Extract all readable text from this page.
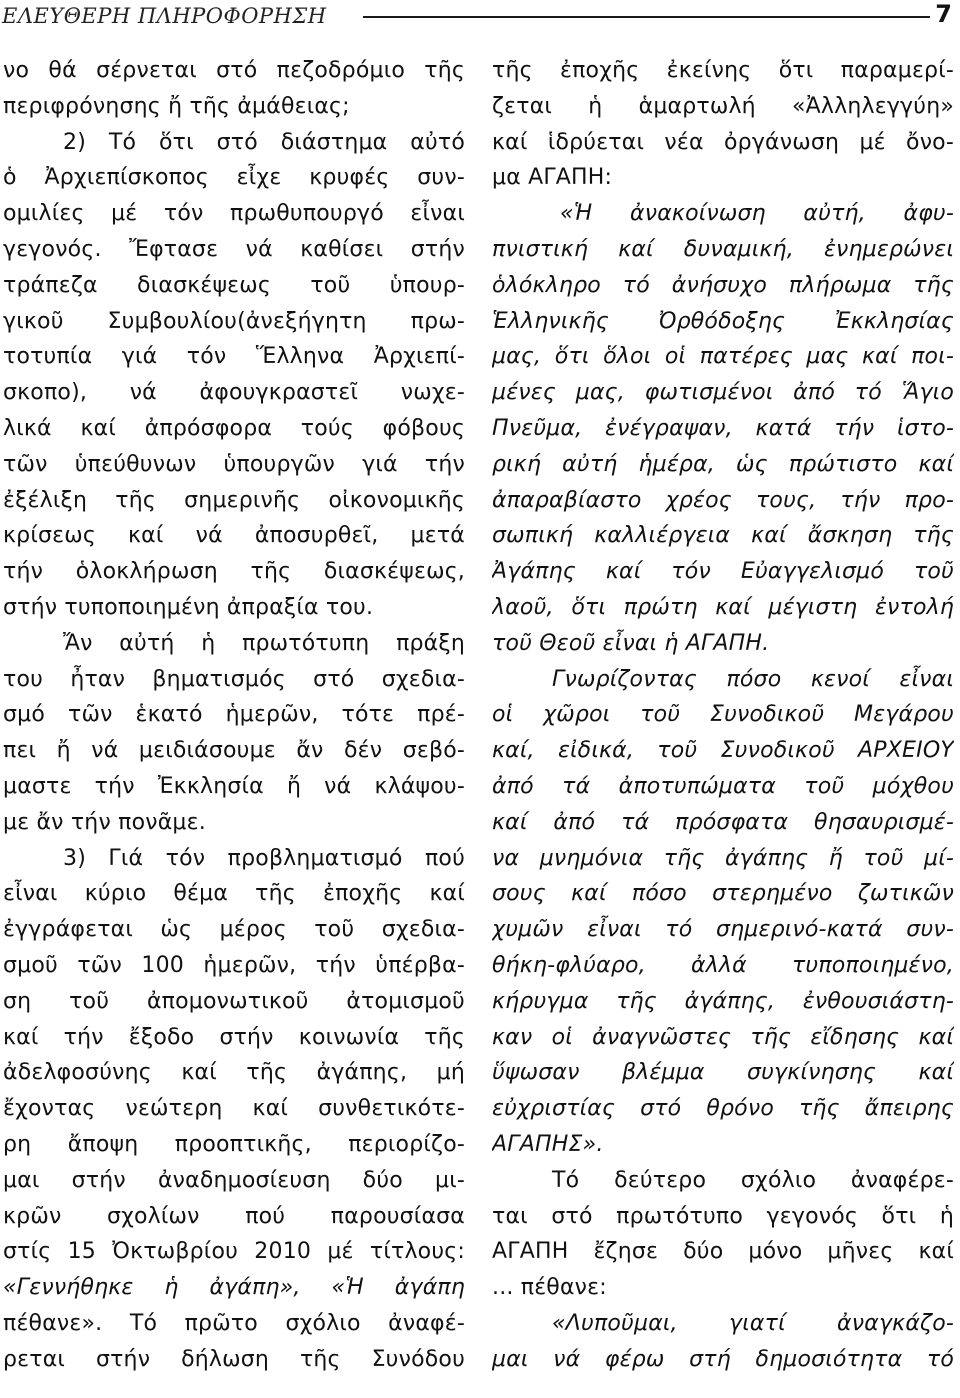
ΕΛΕΥΘΕΡΗ ΠΛΗΡΟΦΟΡΗΣΗ	7
νο θά σέρνεται στό πεζοδρόμιο τῆς
περιφρόνησης ἤ τῆς ἀμάθειας;
2) Τό ὅτι στό διάστημα αὐτό
ὁ Ἀρχιεπίσκοπος εἶχε κρυφές συν-
ομιλίες μέ τόν πρωθυπουργό εἶναι
γεγονός. Ἔφτασε νά καθίσει στήν
τράπεζα διασκέψεως τοῦ ὑπουρ-
γικοῦ Συμβουλίου(ἀνεξήγητη πρω-
τοτυπία γιά τόν Ἕλληνα Ἀρχιεπί-
σκοπο), νά ἀφουγκραστεῖ νωχε-
λικά καί ἀπρόσφορα τούς φόβους
τῶν ὑπεύθυνων ὑπουργῶν γιά τήν
ἐξέλιξη τῆς σημερινῆς οἰκονομικῆς
κρίσεως καί νά ἀποσυρθεῖ, μετά
τήν ὁλοκλήρωση τῆς διασκέψεως,
στήν τυποποιημένη ἀπραξία του.
Ἄν αὐτή ἡ πρωτότυπη πράξη
του ἦταν βηματισμός στό σχεδια-
σμό τῶν ἑκατό ἡμερῶν, τότε πρέ-
πει ἤ νά μειδιάσουμε ἄν δέν σεβό-
μαστε τήν Ἐκκλησία ἤ νά κλάψου-
με ἄν τήν πονᾶμε.
3) Γιά τόν προβληματισμό πού
εἶναι κύριο θέμα τῆς ἐποχῆς καί
ἐγγράφεται ὡς μέρος τοῦ σχεδια-
σμοῦ τῶν 100 ἡμερῶν, τήν ὑπέρβα-
ση τοῦ ἀπομονωτικοῦ ἀτομισμοῦ
καί τήν ἔξοδο στήν κοινωνία τῆς
ἀδελφοσύνης καί τῆς ἀγάπης, μή
ἔχοντας νεώτερη καί συνθετικότε-
ρη ἄποψη προοπτικῆς, περιορίζο-
μαι στήν ἀναδημοσίευση δύο μι-
κρῶν σχολίων πού παρουσίασα
στίς 15 Ὀκτωβρίου 2010 μέ τίτλους:
«Γεννήθηκε ἡ ἀγάπη», «Ἡ ἀγάπη
πέθανε». Τό πρῶτο σχόλιο ἀναφέ-
ρεται στήν δήλωση τῆς Συνόδου
τῆς ἐποχῆς ἐκείνης ὅτι παραμερί-
ζεται ἡ ἁμαρτωλή «Ἀλληλεγγύη»
καί ἱδρύεται νέα ὀργάνωση μέ ὄνο-
μα ΑΓΑΠΗ:
«Ἡ ἀνακοίνωση αὐτή, ἀφυ-
πνιστική καί δυναμική, ἐνημερώνει
ὁλόκληρο τό ἀνήσυχο πλήρωμα τῆς
Ἑλληνικῆς Ὀρθόδοξης Ἐκκλησίας
μας, ὅτι ὅλοι οἱ πατέρες μας καί ποι-
μένες μας, φωτισμένοι ἀπό τό Ἅγιο
Πνεῦμα, ἐνέγραψαν, κατά τήν ἱστο-
ρική αὐτή ἡμέρα, ὡς πρώτιστο καί
ἀπαραβίαστο χρέος τους, τήν προ-
σωπική καλλιέργεια καί ἄσκηση τῆς
Ἀγάπης καί τόν Εὐαγγελισμό τοῦ
λαοῦ, ὅτι πρώτη καί μέγιστη ἐντολή
τοῦ Θεοῦ εἶναι ἡ ΑΓΑΠΗ.
Γνωρίζοντας πόσο κενοί εἶναι
οἱ χῶροι τοῦ Συνοδικοῦ Μεγάρου
καί, εἰδικά, τοῦ Συνοδικοῦ ΑΡΧΕΙΟΥ
ἀπό τά ἀποτυπώματα τοῦ μόχθου
καί ἀπό τά πρόσφατα θησαυρισμέ-
να μνημόνια τῆς ἀγάπης ἤ τοῦ μί-
σους καί πόσο στερημένο ζωτικῶν
χυμῶν εἶναι τό σημερινό-κατά συν-
θήκη-φλύαρο, ἀλλά τυποποιημένο,
κήρυγμα τῆς ἀγάπης, ἐνθουσιάστη-
καν οἱ ἀναγνῶστες τῆς εἴδησης καί
ὕψωσαν βλέμμα συγκίνησης καί
εὐχριστίας στό θρόνο τῆς ἄπειρης
ΑΓΑΠΗΣ».
Τό δεύτερο σχόλιο ἀναφέρε-
ται στό πρωτότυπο γεγονός ὅτι ἡ
ΑΓΑΠΗ ἔζησε δύο μόνο μῆνες καί
... πέθανε:
«Λυποῦμαι, γιατί ἀναγκάζο-
μαι νά φέρω στή δημοσιότητα τό
